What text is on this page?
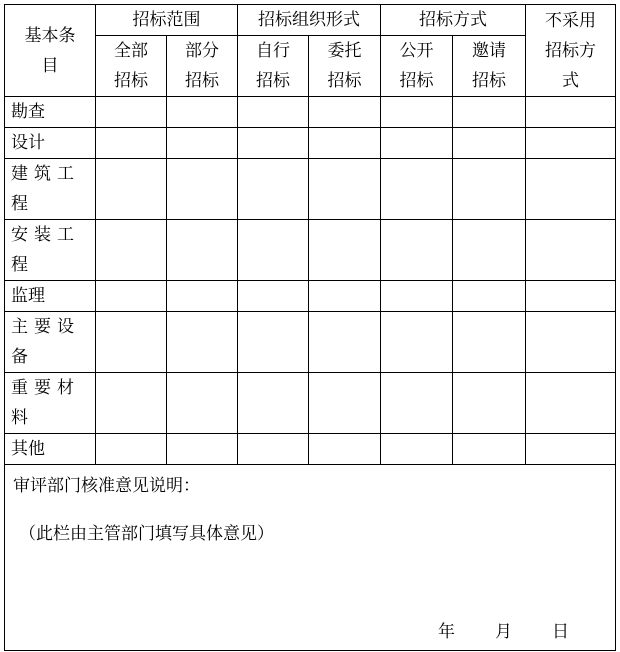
基本条目	招标范围		招标组织形式		招标方式		不采用招标方式

	全部招标	部分招标	自行招标	委托招标	公开招标	邀请招标	

勘查							
设计							

建筑工程							

安装工程							

监理							

主要设备							

重要材料							

其他							

审评部门核准意见说明：
（此栏由主管部门填写具体意见）
年 月 日							
